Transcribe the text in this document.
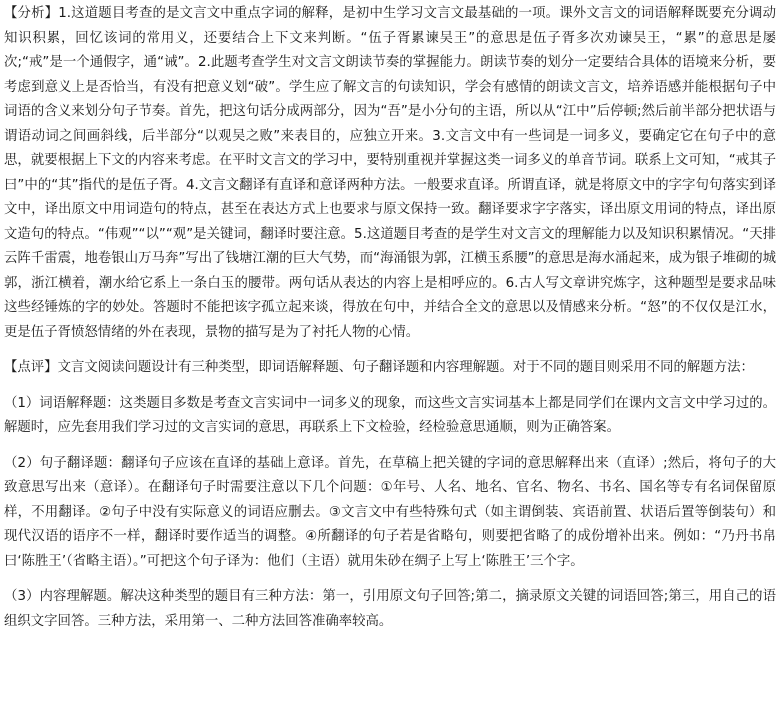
【分析】1.这道题目考查的是文言文中重点字词的解释，是初中生学习文言文最基础的一项。课外文言文的词语解释既要充分调动知识积累，回忆该词的常用义，还要结合上下文来判断。“伍子胥累谏吴王”的意思是伍子胥多次劝谏吴王，“累”的意思是屡次;“戒”是一个通假字，通“诫”。2.此题考查学生对文言文朗读节奏的掌握能力。朗读节奏的划分一定要结合具体的语境来分析，要考虑到意义上是否恰当，有没有把意义划“破”。学生应了解文言的句读知识，学会有感情的朗读文言文，培养语感并能根据句子中词语的含义来划分句子节奏。首先，把这句话分成两部分，因为“吾”是小分句的主语，所以从“江中”后停顿;然后前半部分把状语与谓语动词之间画斜线，后半部分“以观吴之败”来表目的，应独立开来。3.文言文中有一些词是一词多义，要确定它在句子中的意思，就要根据上下文的内容来考虑。在平时文言文的学习中，要特别重视并掌握这类一词多义的单音节词。联系上文可知，“戒其子曰”中的“其”指代的是伍子胥。4.文言文翻译有直译和意译两种方法。一般要求直译。所谓直译，就是将原文中的字字句句落实到译文中，译出原文中用词造句的特点，甚至在表达方式上也要求与原文保持一致。翻译要求字字落实，译出原文用词的特点，译出原文造句的特点。“伟观”“以”“观”是关键词，翻译时要注意。5.这道题目考查的是学生对文言文的理解能力以及知识积累情况。“天排云阵千雷震，地卷银山万马奔”写出了钱塘江潮的巨大气势，而“海涌银为郭，江横玉系腰”的意思是海水涌起来，成为银子堆砌的城郭，浙江横着，潮水给它系上一条白玉的腰带。两句话从表达的内容上是相呼应的。6.古人写文章讲究炼字，这种题型是要求品味这些经锤炼的字的妙处。答题时不能把该字孤立起来谈，得放在句中，并结合全文的意思以及情感来分析。“怒”的不仅仅是江水，更是伍子胥愤怒情绪的外在表现，景物的描写是为了衬托人物的心情。

【点评】文言文阅读问题设计有三种类型，即词语解释题、句子翻译题和内容理解题。对于不同的题目则采用不同的解题方法：

（1）词语解释题：这类题目多数是考查文言实词中一词多义的现象，而这些文言实词基本上都是同学们在课内文言文中学习过的。解题时，应先套用我们学习过的文言实词的意思，再联系上下文检验，经检验意思通顺，则为正确答案。

（2）句子翻译题：翻译句子应该在直译的基础上意译。首先，在草稿上把关键的字词的意思解释出来（直译）;然后，将句子的大致意思写出来（意译）。在翻译句子时需要注意以下几个问题：①年号、人名、地名、官名、物名、书名、国名等专有名词保留原样，不用翻译。②句子中没有实际意义的词语应删去。③文言文中有些特殊句式（如主谓倒装、宾语前置、状语后置等倒装句）和现代汉语的语序不一样，翻译时要作适当的调整。④所翻译的句子若是省略句，则要把省略了的成份增补出来。例如：“乃丹书帛曰‘陈胜王’（省略主语）。”可把这个句子译为：他们（主语）就用朱砂在绸子上写上‘陈胜王’三个字。

（3）内容理解题。解决这种类型的题目有三种方法：第一，引用原文句子回答;第二，摘录原文关键的词语回答;第三，用自己的语组织文字回答。三种方法，采用第一、二种方法回答准确率较高。
